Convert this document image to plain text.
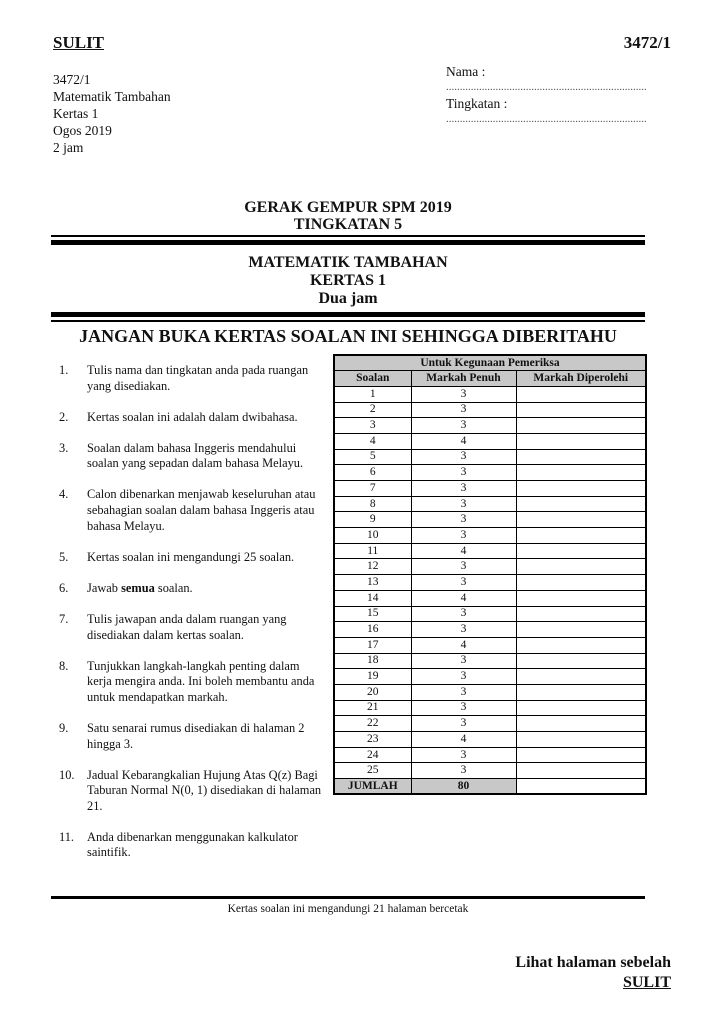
SULIT	3472/1
3472/1
Matematik Tambahan
Kertas 1
Ogos 2019
2 jam
Nama :
.........................................................................
Tingkatan :
.........................................................................
GERAK GEMPUR SPM 2019
TINGKATAN 5
MATEMATIK TAMBAHAN
KERTAS 1
Dua jam
JANGAN BUKA KERTAS SOALAN INI SEHINGGA DIBERITAHU
1.	Tulis nama dan tingkatan anda pada ruangan yang disediakan.
2.	Kertas soalan ini adalah dalam dwibahasa.
3.	Soalan dalam bahasa Inggeris mendahului soalan yang sepadan dalam bahasa Melayu.
4.	Calon dibenarkan menjawab keseluruhan atau sebahagian soalan dalam bahasa Inggeris atau bahasa Melayu.
5.	Kertas soalan ini mengandungi 25 soalan.
6.	Jawab semua soalan.
7.	Tulis jawapan anda dalam ruangan yang disediakan dalam kertas soalan.
8.	Tunjukkan langkah-langkah penting dalam kerja mengira anda. Ini boleh membantu anda untuk mendapatkan markah.
9.	Satu senarai rumus disediakan di halaman 2 hingga 3.
10.	Jadual Kebarangkalian Hujung Atas Q(z) Bagi Taburan Normal N(0, 1) disediakan di halaman 21.
11.	Anda dibenarkan menggunakan kalkulator saintifik.
Untuk Kegunaan Pemeriksa		
Soalan	Markah Penuh	Markah Diperolehi
1	3	
2	3	
3	3	
4	4	
5	3	
6	3	
7	3	
8	3	
9	3	
10	3	
11	4	
12	3	
13	3	
14	4	
15	3	
16	3	
17	4	
18	3	
19	3	
20	3	
21	3	
22	3	
23	4	
24	3	
25	3	
JUMLAH	80	
Kertas soalan ini mengandungi 21 halaman bercetak
Lihat halaman sebelah
SULIT
